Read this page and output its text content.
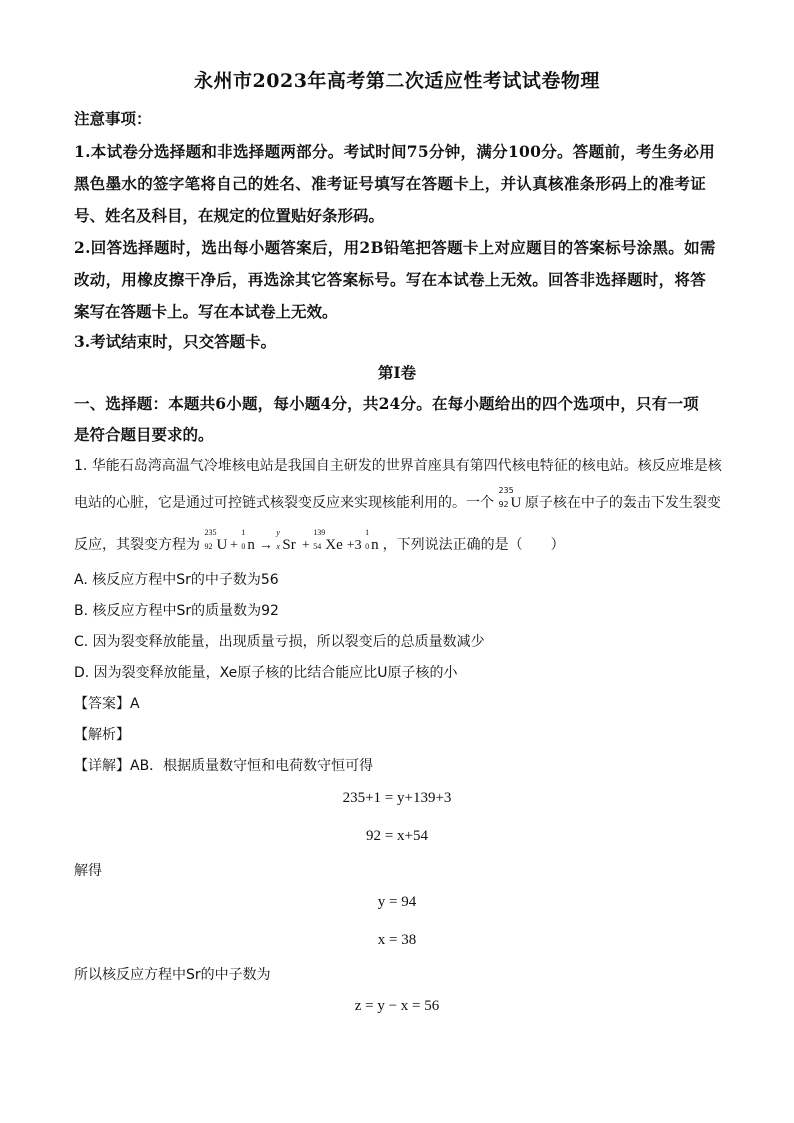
永州市2023年高考第二次适应性考试试卷物理
注意事项：
1.本试卷分选择题和非选择题两部分。考试时间75分钟，满分100分。答题前，考生务必用
黑色墨水的签字笔将自己的姓名、准考证号填写在答题卡上，并认真核准条形码上的准考证
号、姓名及科目，在规定的位置贴好条形码。
2.回答选择题时，选出每小题答案后，用2B铅笔把答题卡上对应题目的答案标号涂黑。如需
改动，用橡皮擦干净后，再选涂其它答案标号。写在本试卷上无效。回答非选择题时，将答
案写在答题卡上。写在本试卷上无效。
3.考试结束时，只交答题卡。
第Ⅰ卷
一、选择题：本题共6小题，每小题4分，共24分。在每小题给出的四个选项中，只有一项
是符合题目要求的。
1. 华能石岛湾高温气冷堆核电站是我国自主研发的世界首座具有第四代核电特征的核电站。核反应堆是核
电站的心脏，它是通过可控链式核裂变反应来实现核能利用的。一个
235
92 U 原子核在中子的轰击下发生裂变
反应，其裂变方程为
235
92 U +
1
0 n →
y
x Sr +
139
54 Xe +3
1
0 n ，下列说法正确的是（　　）
A. 核反应方程中Sr的中子数为56
B. 核反应方程中Sr的质量数为92
C. 因为裂变释放能量，出现质量亏损，所以裂变后的总质量数减少
D. 因为裂变释放能量，Xe原子核的比结合能应比U原子核的小
【答案】A
【解析】
【详解】AB．根据质量数守恒和电荷数守恒可得
235+1 = y+139+3
92 = x+54
解得
y = 94
x = 38
所以核反应方程中Sr的中子数为
z = y − x = 56
